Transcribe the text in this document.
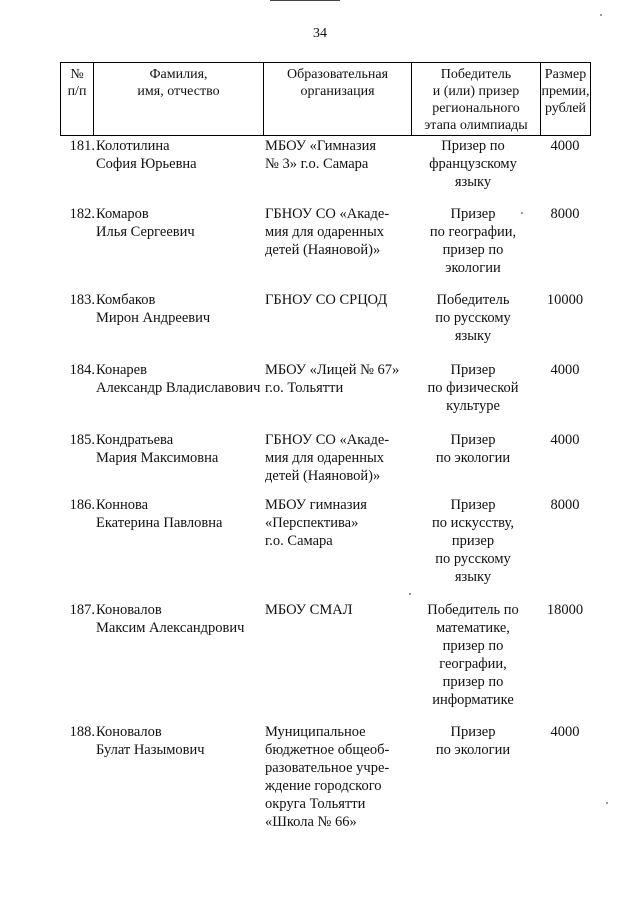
34
№
п/п
Фамилия,
имя, отчество
Образовательная
организация
Победитель
и (или) призер
регионального
этапа олимпиады
Размер
премии,
рублей
181. Колотилина
София Юрьевна
МБОУ «Гимназия
№ 3» г.о. Самара
Призер по
французскому
языку
4000
182. Комаров
Илья Сергеевич
ГБНОУ СО «Акаде-
мия для одаренных
детей (Наяновой)»
Призер
по географии,
призер по
экологии
8000
183. Комбаков
Мирон Андреевич
ГБНОУ СО СРЦОД	Победитель
по русскому
языку
10000
184. Конарев
Александр Владиславович
МБОУ «Лицей № 67»
г.о. Тольятти
Призер
по физической
культуре
4000
185. Кондратьева
Мария Максимовна
ГБНОУ СО «Акаде-
мия для одаренных
детей (Наяновой)»
Призер
по экологии
4000
186. Коннова
Екатерина Павловна
МБОУ гимназия
«Перспектива»
г.о. Самара
Призер
по искусству,
призер
по русскому
языку
8000
187. Коновалов
Максим Александрович
МБОУ СМАЛ	Победитель по
математике,
призер по
географии,
призер по
информатике
18000
188. Коновалов
Булат Назымович
Муниципальное
бюджетное общеоб-
разовательное учре-
ждение городского
округа Тольятти
«Школа № 66»
Призер
по экологии
4000
